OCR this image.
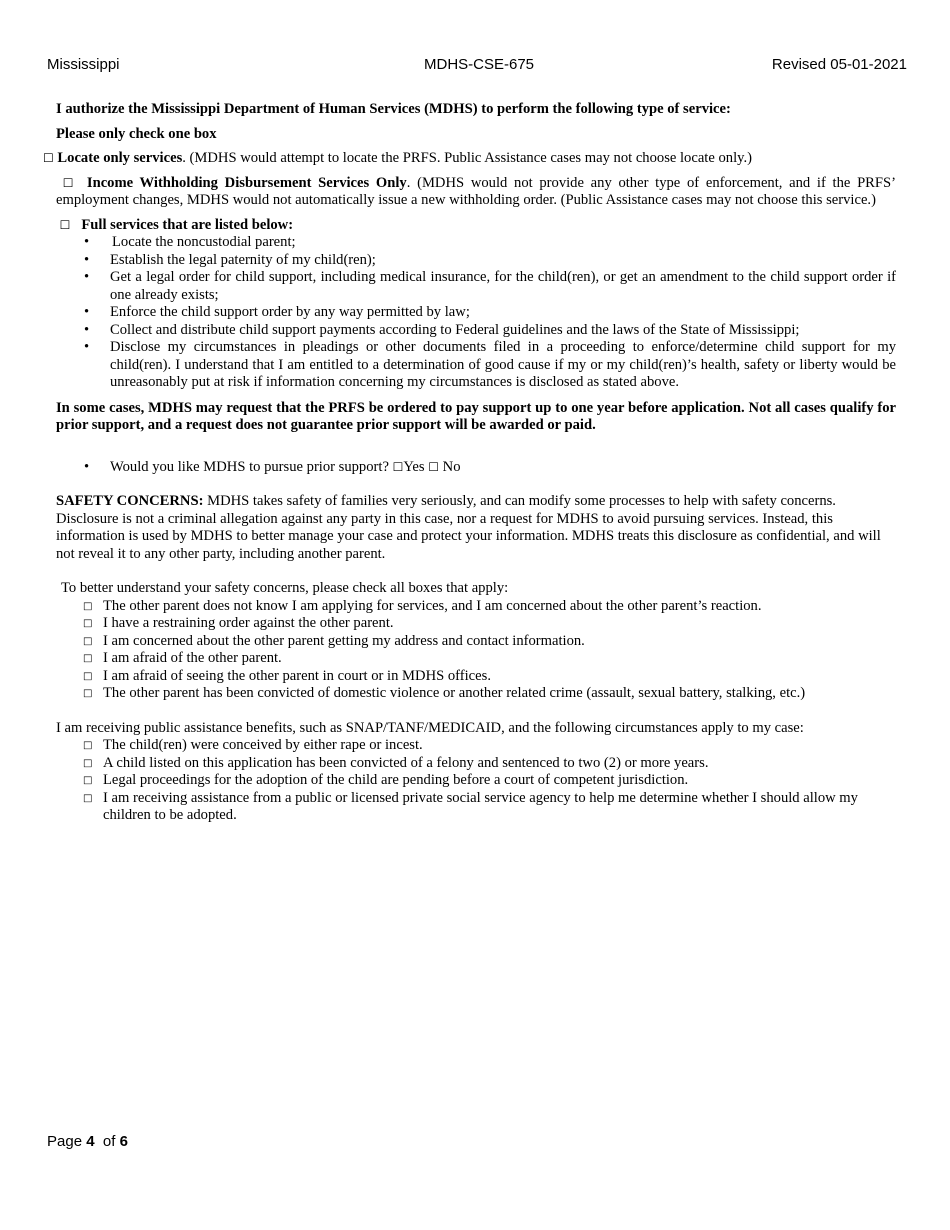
Mississippi	MDHS-CSE-675	Revised 05-01-2021

I authorize the Mississippi Department of Human Services (MDHS) to perform the following type of service:

Please only check one box

☐ Locate only services. (MDHS would attempt to locate the PRFS. Public Assistance cases may not choose locate only.)

☐ Income Withholding Disbursement Services Only. (MDHS would not provide any other type of enforcement, and if the PRFS’ employment changes, MDHS would not automatically issue a new withholding order. (Public Assistance cases may not choose this service.)

☐ Full services that are listed below:

• Locate the noncustodial parent;
• Establish the legal paternity of my child(ren);
• Get a legal order for child support, including medical insurance, for the child(ren), or get an amendment to the child support order if one already exists;
• Enforce the child support order by any way permitted by law;
• Collect and distribute child support payments according to Federal guidelines and the laws of the State of Mississippi;
• Disclose my circumstances in pleadings or other documents filed in a proceeding to enforce/determine child support for my child(ren). I understand that I am entitled to a determination of good cause if my or my child(ren)’s health, safety or liberty would be unreasonably put at risk if information concerning my circumstances is disclosed as stated above.

In some cases, MDHS may request that the PRFS be ordered to pay support up to one year before application. Not all cases qualify for prior support, and a request does not guarantee prior support will be awarded or paid.

• Would you like MDHS to pursue prior support? ☐Yes ☐ No

SAFETY CONCERNS: MDHS takes safety of families very seriously, and can modify some processes to help with safety concerns. Disclosure is not a criminal allegation against any party in this case, nor a request for MDHS to avoid pursuing services. Instead, this information is used by MDHS to better manage your case and protect your information. MDHS treats this disclosure as confidential, and will not reveal it to any other party, including another parent.

To better understand your safety concerns, please check all boxes that apply:

□ The other parent does not know I am applying for services, and I am concerned about the other parent’s reaction.
□ I have a restraining order against the other parent.
□ I am concerned about the other parent getting my address and contact information.
□ I am afraid of the other parent.
□ I am afraid of seeing the other parent in court or in MDHS offices.
□ The other parent has been convicted of domestic violence or another related crime (assault, sexual battery, stalking, etc.)

I am receiving public assistance benefits, such as SNAP/TANF/MEDICAID, and the following circumstances apply to my case:

□ The child(ren) were conceived by either rape or incest.
□ A child listed on this application has been convicted of a felony and sentenced to two (2) or more years.
□ Legal proceedings for the adoption of the child are pending before a court of competent jurisdiction.
□ I am receiving assistance from a public or licensed private social service agency to help me determine whether I should allow my children to be adopted.
Page 4  of 6
